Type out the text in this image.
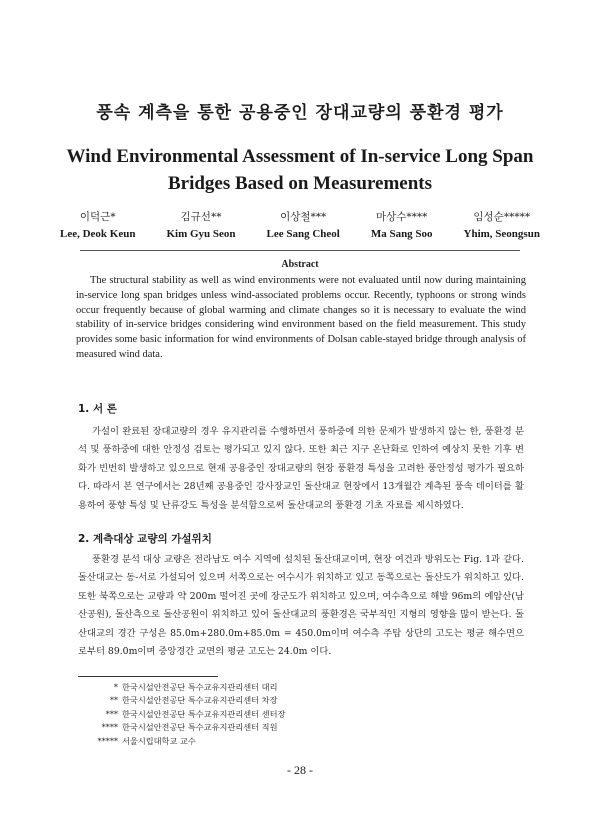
풍속 계측을 통한 공용중인 장대교량의 풍환경 평가
Wind Environmental Assessment of In-service Long Span
Bridges Based on Measurements
이덕근*
Lee, Deok Keun
김규선**
Kim Gyu Seon
이상철***
Lee Sang Cheol
마상수****
Ma Sang Soo
임성순*****
Yhim, Seongsun
Abstract
The structural stability as well as wind environments were not evaluated until now during maintaining in-service long span bridges unless wind-associated problems occur. Recently, typhoons or strong winds occur frequently because of global warming and climate changes so it is necessary to evaluate the wind stability of in-service bridges considering wind environment based on the field measurement. This study provides some basic information for wind environments of Dolsan cable-stayed bridge through analysis of measured wind data.
1. 서 론
가설이 완료된 장대교량의 경우 유지관리를 수행하면서 풍하중에 의한 문제가 발생하지 않는 한, 풍환경 분석 및 풍하중에 대한 안정성 검토는 평가되고 있지 않다. 또한 최근 지구 온난화로 인하여 예상치 못한 기후 변화가 빈번히 발생하고 있으므로 현재 공용중인 장대교량의 현장 풍환경 특성을 고려한 풍안정성 평가가 필요하다. 따라서 본 연구에서는 28년째 공용중인 강사장교인 돌산대교 현장에서 13개월간 계측된 풍속 데이터를 활용하여 풍향 특성 및 난류강도 특성을 분석함으로써 돌산대교의 풍환경 기초 자료를 제시하였다.
2. 계측대상 교량의 가설위치
풍환경 분석 대상 교량은 전라남도 여수 지역에 설치된 돌산대교이며, 현장 여건과 방위도는 Fig. 1과 같다. 돌산대교는 동-서로 가설되어 있으며 서쪽으로는 여수시가 위치하고 있고 동쪽으로는 돌산도가 위치하고 있다. 또한 북쪽으로는 교량과 약 200m 떨어진 곳에 장군도가 위치하고 있으며, 여수측으로 해발 96m의 예암산(남산공원), 돌산측으로 돌산공원이 위치하고 있어 돌산대교의 풍환경은 국부적인 지형의 영향을 많이 받는다. 돌산대교의 경간 구성은 85.0m+280.0m+85.0m = 450.0m이며 여수측 주탑 상단의 고도는 평균 해수면으로부터 89.0m이며 중앙경간 교면의 평균 고도는 24.0m 이다.
* 한국시설안전공단 특수교유지관리센터 대리
** 한국시설안전공단 특수교유지관리센터 차장
*** 한국시설안전공단 특수교유지관리센터 센터장
**** 한국시설안전공단 특수교유지관리센터 직원
***** 서울시립대학교 교수
- 28 -
